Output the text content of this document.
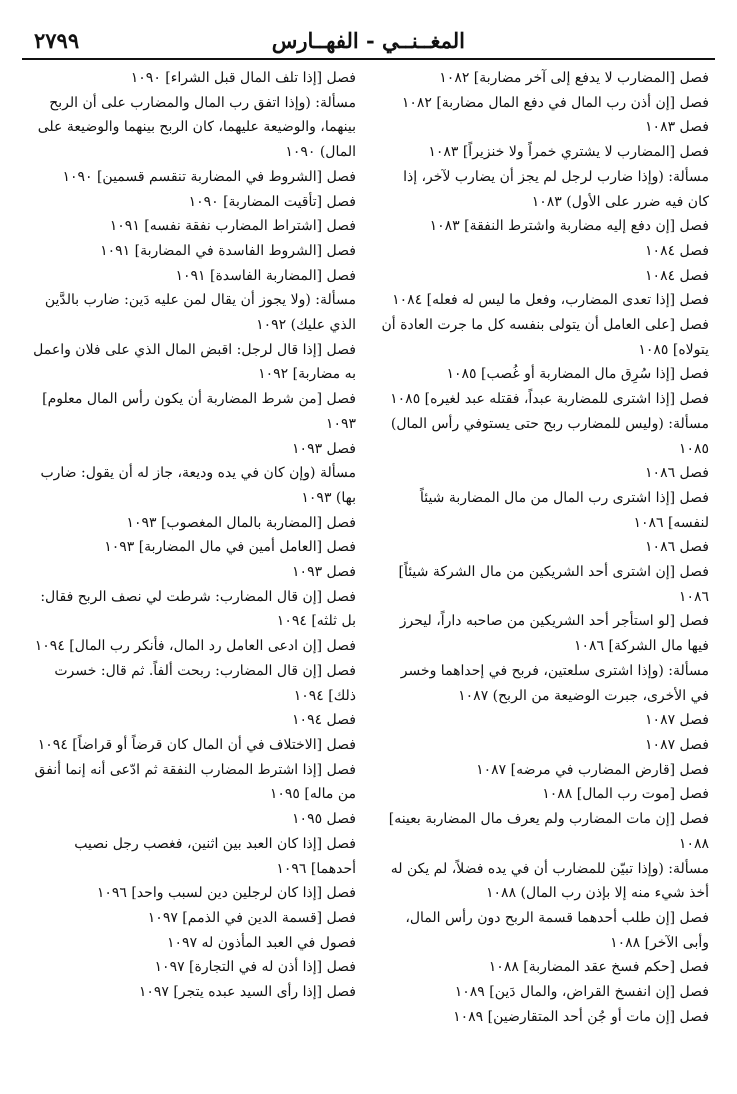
٢٧٩٩	المغــنــي - الفهــارس

فصل [المضارب لا يدفع إلى آخر مضاربة] ١٠٨٢

فصل [إن أذن رب المال في دفع المال مضاربة] ١٠٨٢

فصل ١٠٨٣

فصل [المضارب لا يشتري خمراً ولا خنزيراً] ١٠٨٣

مسألة: (وإذا ضارب لرجل لم يجز أن يضارب لآخر، إذا كان فيه ضرر على الأول) ١٠٨٣

فصل [إن دفع إليه مضاربة واشترط النفقة] ١٠٨٣

فصل ١٠٨٤

فصل ١٠٨٤

فصل [إذا تعدى المضارب، وفعل ما ليس له فعله] ١٠٨٤

فصل [على العامل أن يتولى بنفسه كل ما جرت العادة أن يتولاه] ١٠٨٥

فصل [إذا سُرِق مال المضاربة أو غُصب] ١٠٨٥

فصل [إذا اشترى للمضاربة عبداً، فقتله عبد لغيره] ١٠٨٥

مسألة: (وليس للمضارب ربح حتى يستوفي رأس المال) ١٠٨٥

فصل ١٠٨٦

فصل [إذا اشترى رب المال من مال المضاربة شيئاً لنفسه] ١٠٨٦

فصل ١٠٨٦

فصل [إن اشترى أحد الشريكين من مال الشركة شيئاً] ١٠٨٦

فصل [لو استأجر أحد الشريكين من صاحبه داراً، ليحرز فيها مال الشركة] ١٠٨٦

مسألة: (وإذا اشترى سلعتين، فربح في إحداهما وخسر في الأخرى، جبرت الوضيعة من الربح) ١٠٨٧

فصل ١٠٨٧

فصل ١٠٨٧

فصل [قارض المضارب في مرضه] ١٠٨٧

فصل [موت رب المال] ١٠٨٨

فصل [إن مات المضارب ولم يعرف مال المضاربة بعينه] ١٠٨٨

مسألة: (وإذا تبيّن للمضارب أن في يده فضلاً، لم يكن له أخذ شيء منه إلا بإذن رب المال) ١٠٨٨

فصل [إن طلب أحدهما قسمة الربح دون رأس المال، وأبى الآخر] ١٠٨٨

فصل [حكم فسخ عقد المضاربة] ١٠٨٨

فصل [إن انفسخ القراض، والمال دَين] ١٠٨٩

فصل [إن مات أو جُن أحد المتقارضين] ١٠٨٩

فصل [إذا تلف المال قبل الشراء] ١٠٩٠

مسألة: (وإذا اتفق رب المال والمضارب على أن الربح بينهما، والوضيعة عليهما، كان الربح بينهما والوضيعة على المال) ١٠٩٠

فصل [الشروط في المضاربة تنقسم قسمين] ١٠٩٠

فصل [تأقيت المضاربة] ١٠٩٠

فصل [اشتراط المضارب نفقة نفسه] ١٠٩١

فصل [الشروط الفاسدة في المضاربة] ١٠٩١

فصل [المضاربة الفاسدة] ١٠٩١

مسألة: (ولا يجوز أن يقال لمن عليه دَين: ضارب بالدَّين الذي عليك) ١٠٩٢

فصل [إذا قال لرجل: اقبض المال الذي على فلان واعمل به مضاربة] ١٠٩٢

فصل [من شرط المضاربة أن يكون رأس المال معلوم] ١٠٩٣

فصل ١٠٩٣

مسألة (وإن كان في يده وديعة، جاز له أن يقول: ضارب بها) ١٠٩٣

فصل [المضاربة بالمال المغصوب] ١٠٩٣

فصل [العامل أمين في مال المضاربة] ١٠٩٣

فصل ١٠٩٣

فصل [إن قال المضارب: شرطت لي نصف الربح فقال: بل ثلثه] ١٠٩٤

فصل [إن ادعى العامل رد المال، فأنكر رب المال] ١٠٩٤

فصل [إن قال المضارب: ربحت ألفاً. ثم قال: خسرت ذلك] ١٠٩٤

فصل ١٠٩٤

فصل [الاختلاف في أن المال كان قرضاً أو قراضاً] ١٠٩٤

فصل [إذا اشترط المضارب النفقة ثم ادّعى أنه إنما أنفق من ماله] ١٠٩٥

فصل ١٠٩٥

فصل [إذا كان العبد بين اثنين، فغصب رجل نصيب أحدهما] ١٠٩٦

فصل [إذا كان لرجلين دين لسبب واحد] ١٠٩٦

فصل [قسمة الدين في الذمم] ١٠٩٧

فصول في العبد المأذون له ١٠٩٧

فصل [إذا أذن له في التجارة] ١٠٩٧

فصل [إذا رأى السيد عبده يتجر] ١٠٩٧
